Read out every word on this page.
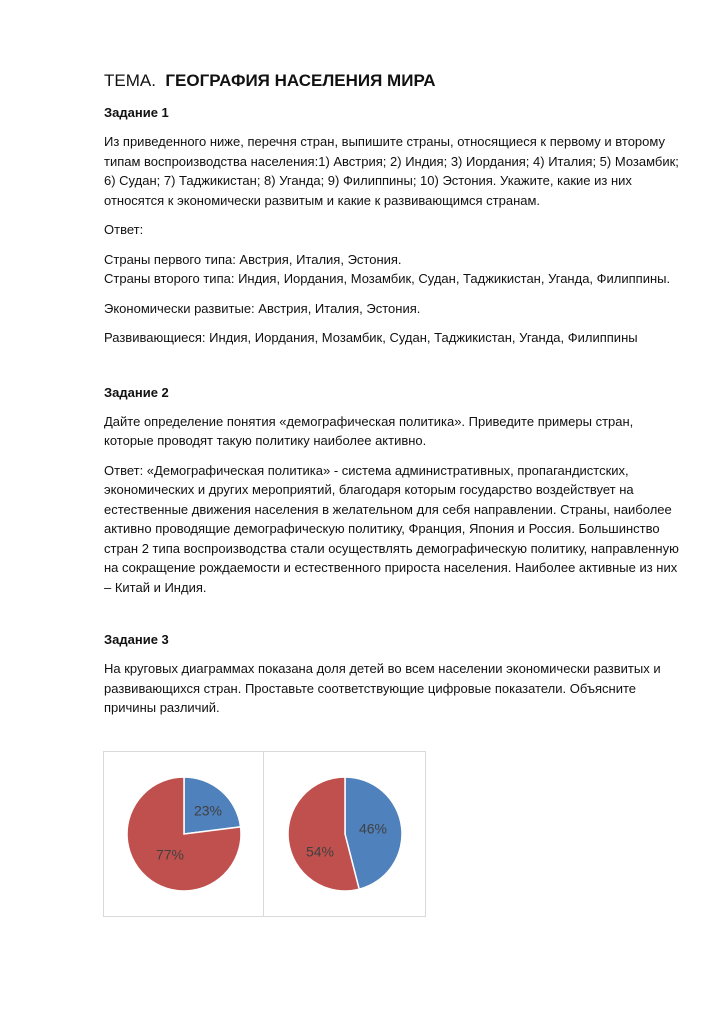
ТЕМА. ГЕОГРАФИЯ НАСЕЛЕНИЯ МИРА
Задание 1

Из приведенного ниже, перечня стран, выпишите страны, относящиеся к первому и второму типам воспроизводства населения:1) Австрия; 2) Индия; 3) Иордания; 4) Италия; 5) Мозамбик; 6) Судан; 7) Таджикистан; 8) Уганда; 9) Филиппины; 10) Эстония. Укажите, какие из них относятся к экономически развитым и какие к развивающимся странам.

Ответ:

Страны первого типа: Австрия, Италия, Эстония.
Страны второго типа: Индия, Иордания, Мозамбик, Судан, Таджикистан, Уганда, Филиппины.

Экономически развитые: Австрия, Италия, Эстония.

Развивающиеся: Индия, Иордания, Мозамбик, Судан, Таджикистан, Уганда, Филиппины

Задание 2

Дайте определение понятия «демографическая политика». Приведите примеры стран, которые проводят такую политику наиболее активно.

Ответ: «Демографическая политика» - система административных, пропагандистских, экономических и других мероприятий, благодаря которым государство воздействует на естественные движения населения в желательном для себя направлении. Страны, наиболее активно проводящие демографическую политику, Франция, Япония и Россия. Большинство стран 2 типа воспроизводства стали осуществлять демографическую политику, направленную на сокращение рождаемости и естественного прироста населения. Наиболее активные из них – Китай и Индия.

Задание 3

На круговых диаграммах показана доля детей во всем населении экономически развитых и развивающихся стран. Проставьте соответствующие цифровые показатели. Объясните причины различий.

23%
77%
46%
54%
